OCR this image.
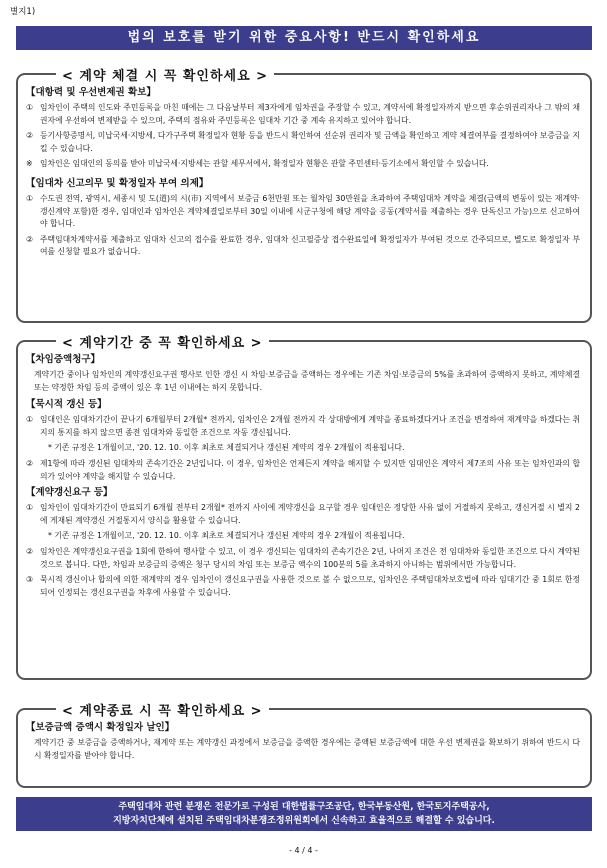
별지1)
법의 보호를 받기 위한 중요사항! 반드시 확인하세요
< 계약 체결 시 꼭 확인하세요 >
【대항력 및 우선변제권 확보】
① 임차인이 주택의 인도와 주민등록을 마친 때에는 그 다음날부터 제3자에게 임차권을 주장할 수 있고, 계약서에 확정일자까지 받으면 후순위권리자나 그 밖의 채권자에 우선하여 변제받을 수 있으며, 주택의 점유와 주민등록은 임대차 기간 중 계속 유지하고 있어야 합니다.
② 등기사항증명서, 미납국세·지방세, 다가구주택 확정일자 현황 등을 반드시 확인하여 선순위 권리자 및 금액을 확인하고 계약 체결여부를 결정하여야 보증금을 지킬 수 있습니다.
※ 임차인은 임대인의 동의를 받아 미납국세·지방세는 관할 세무서에서, 확정일자 현황은 관할 주민센터·등기소에서 확인할 수 있습니다.
【임대차 신고의무 및 확정일자 부여 의제】
① 수도권 전역, 광역시, 세종시 및 도(道)의 시(市) 지역에서 보증금 6천만원 또는 월차임 30만원을 초과하여 주택임대차 계약을 체결(금액의 변동이 있는 재계약·갱신계약 포함)한 경우, 임대인과 임차인은 계약체결일로부터 30일 이내에 시군구청에 해당 계약을 공동(계약서를 제출하는 경우 단독신고 가능)으로 신고하여야 합니다.
② 주택임대차계약서를 제출하고 임대차 신고의 접수를 완료한 경우, 임대차 신고필증상 접수완료일에 확정일자가 부여된 것으로 간주되므로, 별도로 확정일자 부여를 신청할 필요가 없습니다.
< 계약기간 중 꼭 확인하세요 >
【차임증액청구】
계약기간 중이나 임차인의 계약갱신요구권 행사로 인한 갱신 시 차임·보증금을 증액하는 경우에는 기존 차임·보증금의 5%를 초과하여 증액하지 못하고, 계약체결 또는 약정한 차임 등의 증액이 있은 후 1년 이내에는 하지 못합니다.
【묵시적 갱신 등】
① 임대인은 임대차기간이 끝나기 6개월부터 2개월* 전까지, 임차인은 2개월 전까지 각 상대방에게 계약을 종료하겠다거나 조건을 변경하여 재계약을 하겠다는 취지의 통지를 하지 않으면 종전 임대차와 동일한 조건으로 자동 갱신됩니다.
* 기존 규정은 1개월이고, '20. 12. 10. 이후 최초로 체결되거나 갱신된 계약의 경우 2개월이 적용됩니다.
② 제1항에 따라 갱신된 임대차의 존속기간은 2년입니다. 이 경우, 임차인은 언제든지 계약을 해지할 수 있지만 임대인은 계약서 제7조의 사유 또는 임차인과의 합의가 있어야 계약을 해지할 수 있습니다.
【계약갱신요구 등】
① 임차인이 임대차기간이 만료되기 6개월 전부터 2개월* 전까지 사이에 계약갱신을 요구할 경우 임대인은 정당한 사유 없이 거절하지 못하고, 갱신거절 시 별지 2에 게재된 계약갱신 거절통지서 양식을 활용할 수 있습니다.
* 기존 규정은 1개월이고, '20. 12. 10. 이후 최초로 체결되거나 갱신된 계약의 경우 2개월이 적용됩니다.
② 임차인은 계약갱신요구권을 1회에 한하여 행사할 수 있고, 이 경우 갱신되는 임대차의 존속기간은 2년, 나머지 조건은 전 임대차와 동일한 조건으로 다시 계약된 것으로 봅니다. 다만, 차임과 보증금의 증액은 청구 당시의 차임 또는 보증금 액수의 100분의 5를 초과하지 아니하는 범위에서만 가능합니다.
③ 묵시적 갱신이나 합의에 의한 재계약의 경우 임차인이 갱신요구권을 사용한 것으로 볼 수 없으므로, 임차인은 주택임대차보호법에 따라 임대기간 중 1회로 한정되어 인정되는 갱신요구권을 차후에 사용할 수 있습니다.
< 계약종료 시 꼭 확인하세요 >
【보증금액 증액시 확정일자 날인】
계약기간 중 보증금을 증액하거나, 재계약 또는 계약갱신 과정에서 보증금을 증액한 경우에는 증액된 보증금액에 대한 우선 변제권을 확보하기 위하여 반드시 다시 확정일자를 받아야 합니다.
주택임대차 관련 분쟁은 전문가로 구성된 대한법률구조공단, 한국부동산원, 한국토지주택공사,
지방자치단체에 설치된 주택임대차분쟁조정위원회에서 신속하고 효율적으로 해결할 수 있습니다.
- 4 / 4 -
